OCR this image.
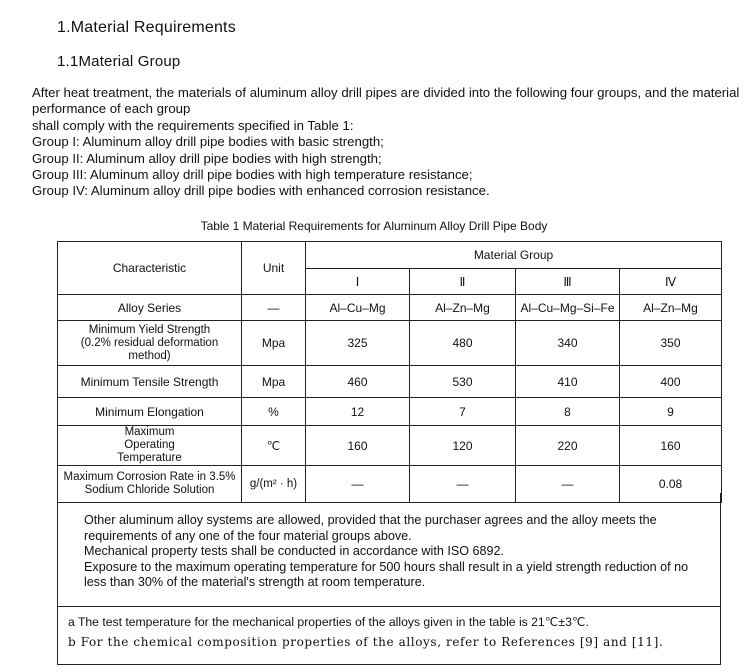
1.Material Requirements
1.1Material Group
After heat treatment, the materials of aluminum alloy drill pipes are divided into the following four groups, and the material performance of each group
shall comply with the requirements specified in Table 1:
Group I: Aluminum alloy drill pipe bodies with basic strength;
Group II: Aluminum alloy drill pipe bodies with high strength;
Group III: Aluminum alloy drill pipe bodies with high temperature resistance;
Group IV: Aluminum alloy drill pipe bodies with enhanced corrosion resistance.
Table 1 Material Requirements for Aluminum Alloy Drill Pipe Body
Characteristic	Unit	Material Group			
		Ⅰ	Ⅱ	Ⅲ	Ⅳ
Alloy Series	—	Al–Cu–Mg	Al–Zn–Mg	Al–Cu–Mg–Si–Fe	Al–Zn–Mg
Minimum Yield Strength (0.2% residual deformation method)	Mpa	325	480	340	350
Minimum Tensile Strength	Mpa	460	530	410	400
Minimum Elongation	%	12	7	8	9
Maximum Operating Temperature	℃	160	120	220	160
Maximum Corrosion Rate in 3.5% Sodium Chloride Solution	g/(m² · h)	—	—	—	0.08
Other aluminum alloy systems are allowed, provided that the purchaser agrees and the alloy meets the requirements of any one of the four material groups above.
Mechanical property tests shall be conducted in accordance with ISO 6892.
Exposure to the maximum operating temperature for 500 hours shall result in a yield strength reduction of no less than 30% of the material's strength at room temperature.
a The test temperature for the mechanical properties of the alloys given in the table is 21℃±3℃.
b For the chemical composition properties of the alloys, refer to References [9] and [11].
